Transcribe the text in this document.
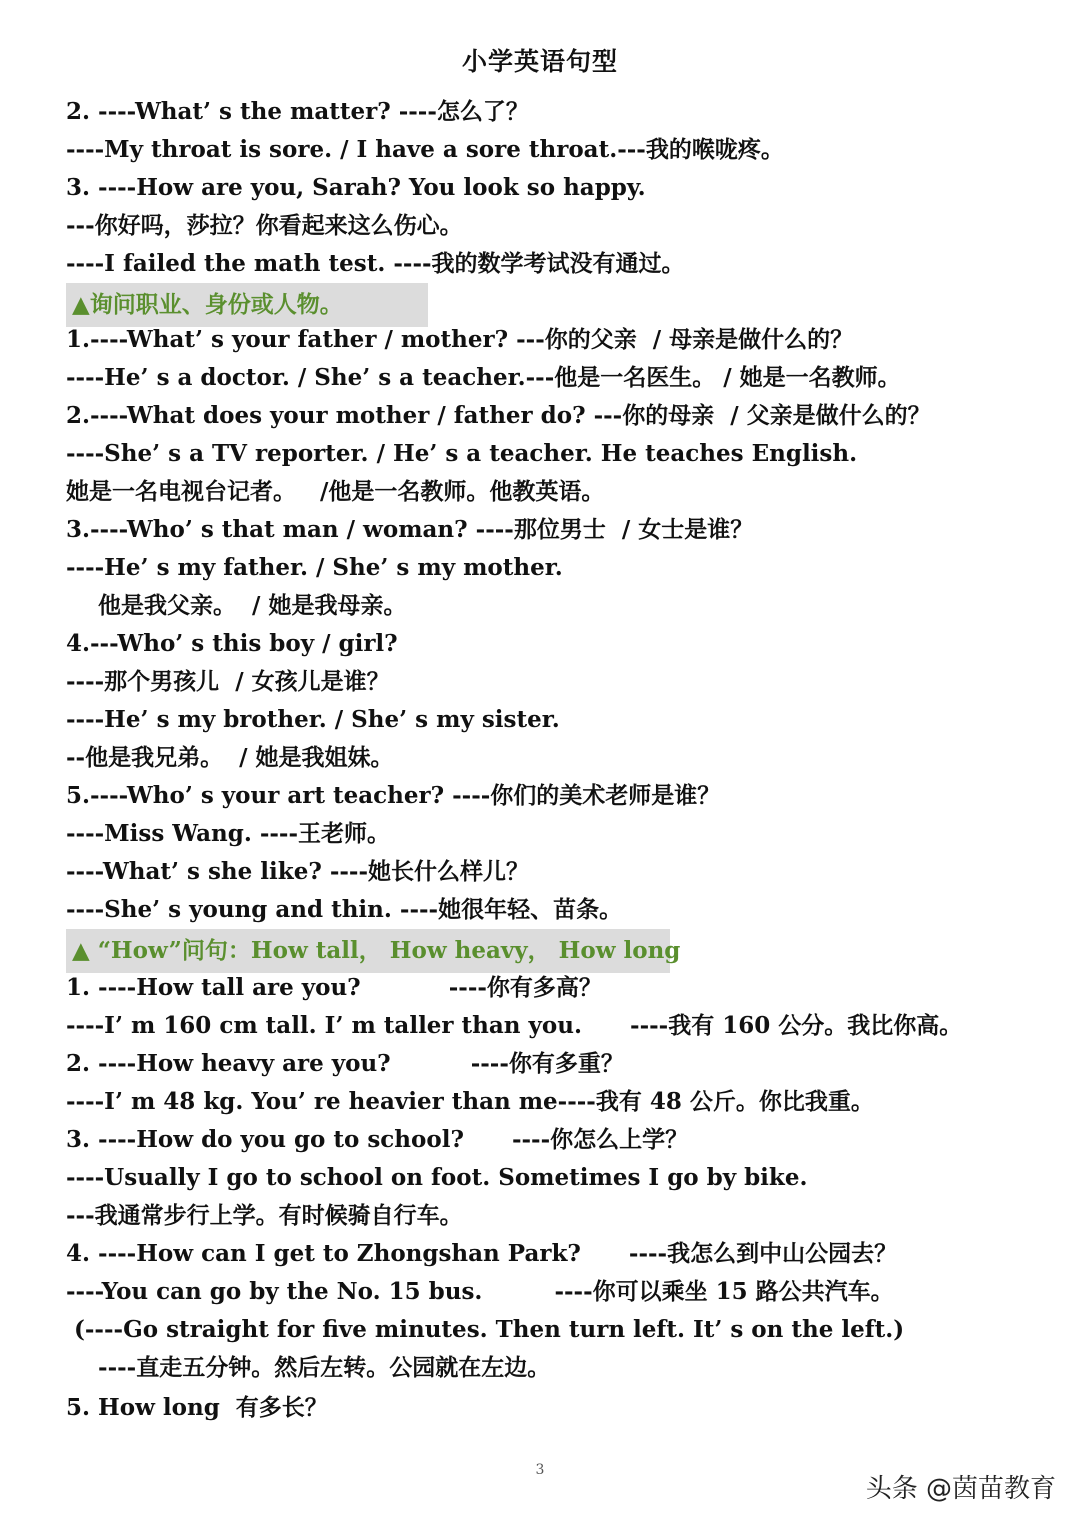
小学英语句型
2. ----What’ s the matter? ----怎么了？
----My throat is sore. / I have a sore throat.---我的喉咙疼。
3. ----How are you, Sarah? You look so happy.
---你好吗，莎拉？你看起来这么伤心。
----I failed the math test. ----我的数学考试没有通过。
▲询问职业、身份或人物。
1.----What’ s your father / mother? ---你的父亲  / 母亲是做什么的？
----He’ s a doctor. / She’ s a teacher.---他是一名医生。 / 她是一名教师。
2.----What does your mother / father do? ---你的母亲  / 父亲是做什么的？
----She’ s a TV reporter. / He’ s a teacher. He teaches English.
她是一名电视台记者。   /他是一名教师。他教英语。
3.----Who’ s that man / woman? ----那位男士  / 女士是谁？
----He’ s my father. / She’ s my mother.
他是我父亲。  / 她是我母亲。
4.---Who’ s this boy / girl?
----那个男孩儿  / 女孩儿是谁？
----He’ s my brother. / She’ s my sister.
--他是我兄弟。  / 她是我姐妹。
5.----Who’ s your art teacher? ----你们的美术老师是谁？
----Miss Wang. ----王老师。
----What’ s she like? ----她长什么样儿？
----She’ s young and thin. ----她很年轻、苗条。
▲ “How”问句：How tall， How heavy， How long
1. ----How tall are you?           ----你有多高？
----I’ m 160 cm tall. I’ m taller than you.      ----我有 160 公分。我比你高。
2. ----How heavy are you?          ----你有多重？
----I’ m 48 kg. You’ re heavier than me----我有 48 公斤。你比我重。
3. ----How do you go to school?      ----你怎么上学？
----Usually I go to school on foot. Sometimes I go by bike.
---我通常步行上学。有时候骑自行车。
4. ----How can I get to Zhongshan Park?      ----我怎么到中山公园去？
----You can go by the No. 15 bus.         ----你可以乘坐 15 路公共汽车。
(----Go straight for five minutes. Then turn left. It’ s on the left.)
----直走五分钟。然后左转。公园就在左边。
5. How long  有多长？
3
头条 @茵苗教育
